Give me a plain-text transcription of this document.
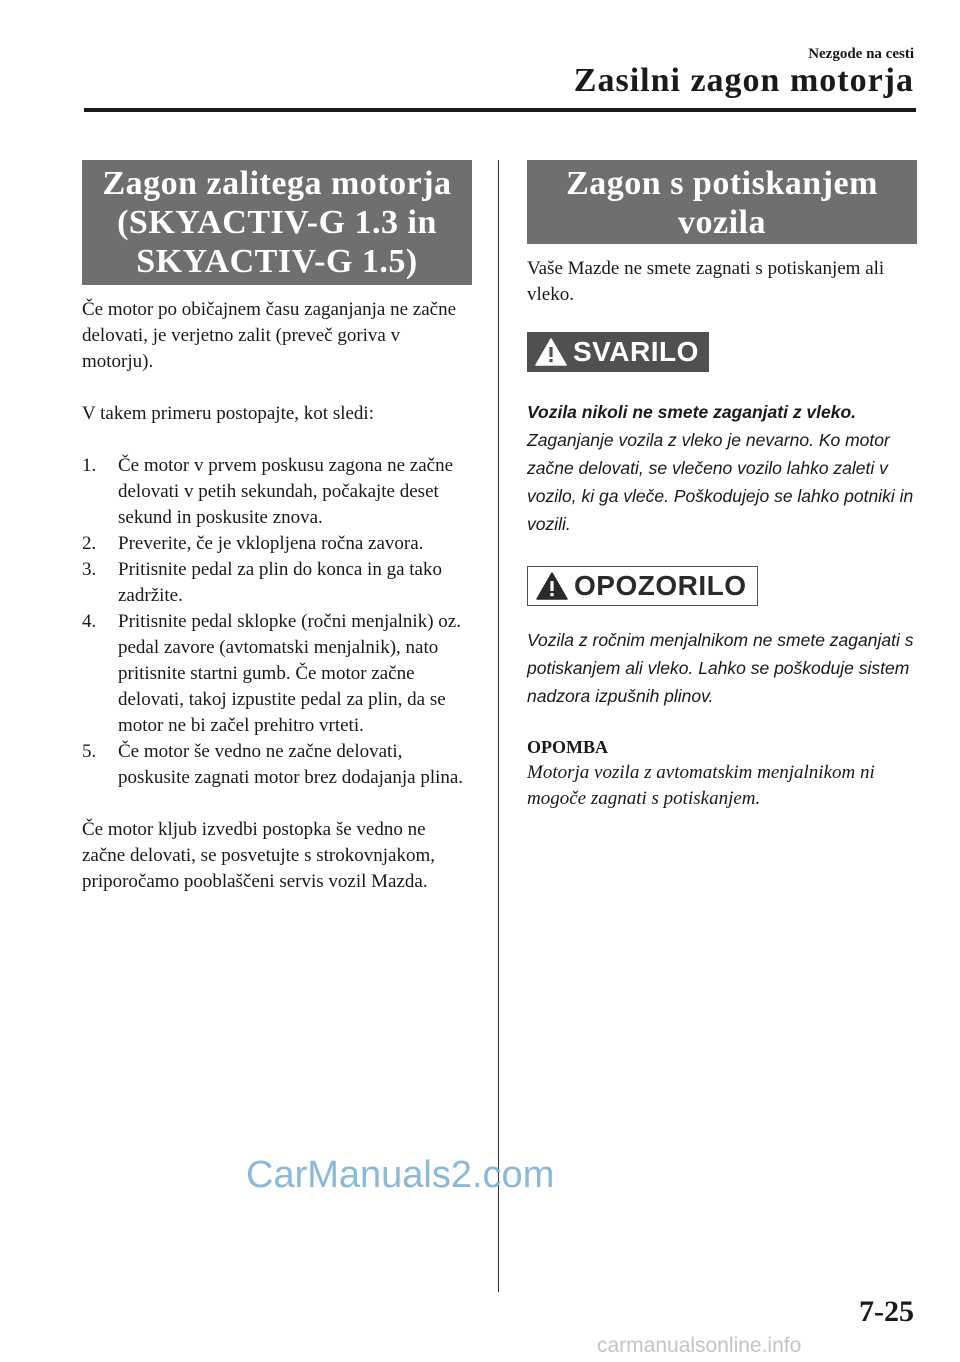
Nezgode na cesti
Zasilni zagon motorja
Zagon zalitega motorja
(SKYACTIV-G 1.3 in
SKYACTIV-G 1.5)

Če motor po običajnem času zaganjanja ne začne delovati, je verjetno zalit (preveč goriva v motorju).

V takem primeru postopajte, kot sledi:

1. Če motor v prvem poskusu zagona ne začne delovati v petih sekundah, počakajte deset sekund in poskusite znova.
2. Preverite, če je vklopljena ročna zavora.
3. Pritisnite pedal za plin do konca in ga tako zadržite.
4. Pritisnite pedal sklopke (ročni menjalnik) oz. pedal zavore (avtomatski menjalnik), nato pritisnite startni gumb. Če motor začne delovati, takoj izpustite pedal za plin, da se motor ne bi začel prehitro vrteti.
5. Če motor še vedno ne začne delovati, poskusite zagnati motor brez dodajanja plina.

Če motor kljub izvedbi postopka še vedno ne začne delovati, se posvetujte s strokovnjakom, priporočamo pooblaščeni servis vozil Mazda.

Zagon s potiskanjem
vozila

Vaše Mazde ne smete zagnati s potiskanjem ali vleko.

SVARILO
Vozila nikoli ne smete zaganjati z vleko.
Zaganjanje vozila z vleko je nevarno. Ko motor začne delovati, se vlečeno vozilo lahko zaleti v vozilo, ki ga vleče. Poškodujejo se lahko potniki in vozili.
OPOZORILO
Vozila z ročnim menjalnikom ne smete zaganjati s potiskanjem ali vleko. Lahko se poškoduje sistem nadzora izpušnih plinov.
OPOMBA
Motorja vozila z avtomatskim menjalnikom ni mogoče zagnati s potiskanjem.
CarManuals2.com
7-25
carmanualsonline.info
